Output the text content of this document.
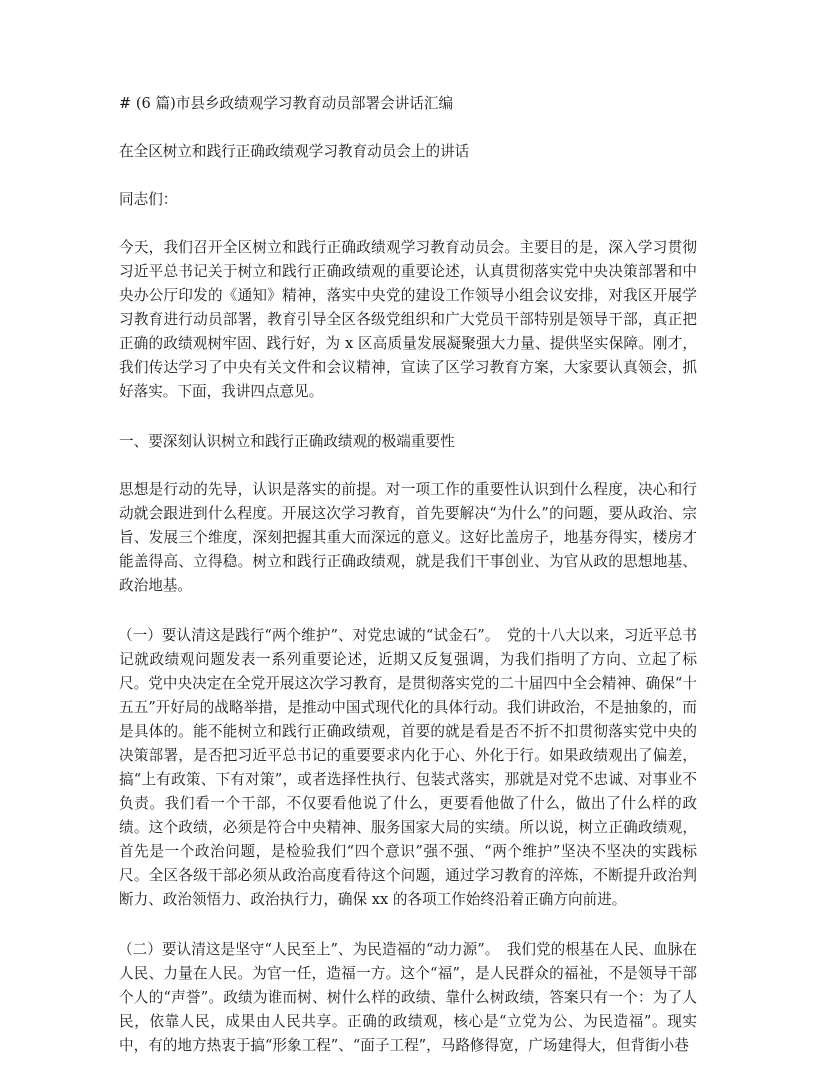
# (6 篇)市县乡政绩观学习教育动员部署会讲话汇编

在全区树立和践行正确政绩观学习教育动员会上的讲话

同志们：

今天，我们召开全区树立和践行正确政绩观学习教育动员会。主要目的是，深入学习贯彻习近平总书记关于树立和践行正确政绩观的重要论述，认真贯彻落实党中央决策部署和中央办公厅印发的《通知》精神，落实中央党的建设工作领导小组会议安排，对我区开展学习教育进行动员部署，教育引导全区各级党组织和广大党员干部特别是领导干部，真正把正确的政绩观树牢固、践行好，为 x 区高质量发展凝聚强大力量、提供坚实保障。刚才，我们传达学习了中央有关文件和会议精神，宣读了区学习教育方案，大家要认真领会，抓好落实。下面，我讲四点意见。

一、要深刻认识树立和践行正确政绩观的极端重要性

思想是行动的先导，认识是落实的前提。对一项工作的重要性认识到什么程度，决心和行动就会跟进到什么程度。开展这次学习教育，首先要解决“为什么”的问题，要从政治、宗旨、发展三个维度，深刻把握其重大而深远的意义。这好比盖房子，地基夯得实，楼房才能盖得高、立得稳。树立和践行正确政绩观，就是我们干事创业、为官从政的思想地基、政治地基。

（一）要认清这是践行“两个维护”、对党忠诚的“试金石”。　党的十八大以来，习近平总书记就政绩观问题发表一系列重要论述，近期又反复强调，为我们指明了方向、立起了标尺。党中央决定在全党开展这次学习教育，是贯彻落实党的二十届四中全会精神、确保“十五五”开好局的战略举措，是推动中国式现代化的具体行动。我们讲政治，不是抽象的，而是具体的。能不能树立和践行正确政绩观，首要的就是看是否不折不扣贯彻落实党中央的决策部署，是否把习近平总书记的重要要求内化于心、外化于行。如果政绩观出了偏差，搞“上有政策、下有对策”，或者选择性执行、包装式落实，那就是对党不忠诚、对事业不负责。我们看一个干部，不仅要看他说了什么，更要看他做了什么，做出了什么样的政绩。这个政绩，必须是符合中央精神、服务国家大局的实绩。所以说，树立正确政绩观，首先是一个政治问题，是检验我们“四个意识”强不强、“两个维护”坚决不坚决的实践标尺。全区各级干部必须从政治高度看待这个问题，通过学习教育的淬炼，不断提升政治判断力、政治领悟力、政治执行力，确保 xx 的各项工作始终沿着正确方向前进。

（二）要认清这是坚守“人民至上”、为民造福的“动力源”。　我们党的根基在人民、血脉在人民、力量在人民。为官一任，造福一方。这个“福”，是人民群众的福祉，不是领导干部个人的“声誉”。政绩为谁而树、树什么样的政绩、靠什么树政绩，答案只有一个：为了人民，依靠人民，成果由人民共享。正确的政绩观，核心是“立党为公、为民造福”。现实中，有的地方热衷于搞“形象工程”、“面子工程”，马路修得宽，广场建得大，但背街小巷
